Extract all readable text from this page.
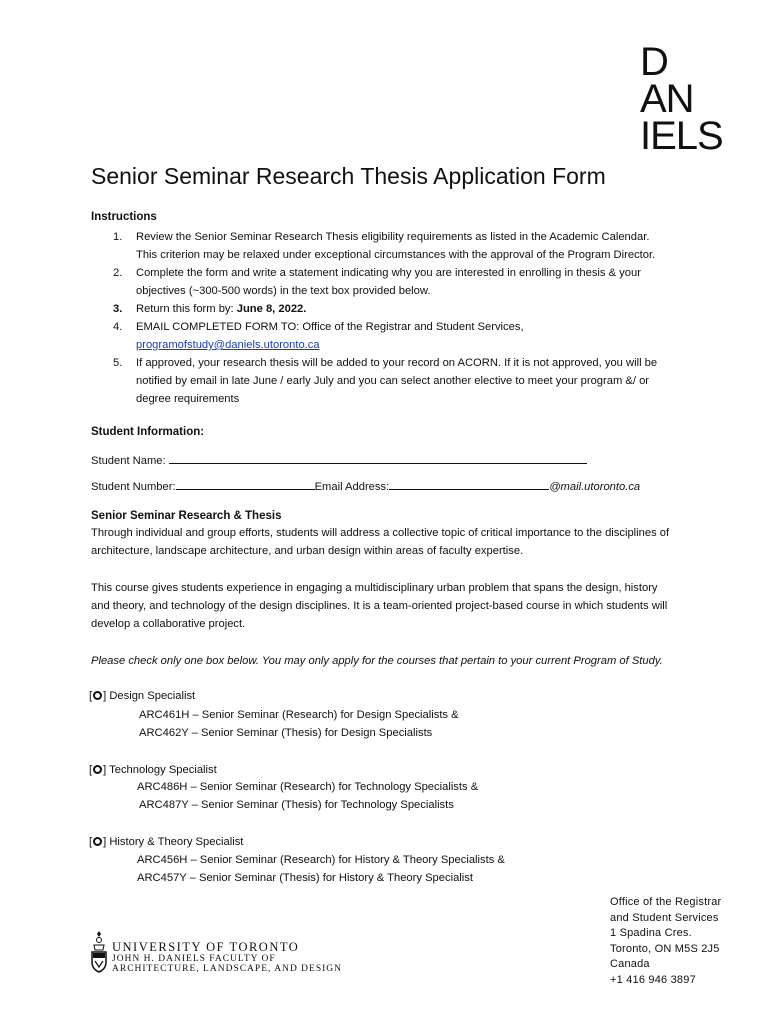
D
AN
IELS
Senior Seminar Research Thesis Application Form
Instructions
1. Review the Senior Seminar Research Thesis eligibility requirements as listed in the Academic Calendar.
This criterion may be relaxed under exceptional circumstances with the approval of the Program Director.
2. Complete the form and write a statement indicating why you are interested in enrolling in thesis & your
objectives (~300-500 words) in the text box provided below.
3. Return this form by: June 8, 2022.
4. EMAIL COMPLETED FORM TO: Office of the Registrar and Student Services,
programofstudy@daniels.utoronto.ca
5. If approved, your research thesis will be added to your record on ACORN. If it is not approved, you will be
notified by email in late June / early July and you can select another elective to meet your program &/ or
degree requirements
Student Information:
Student Name:
Student Number:	Email Address:	@mail.utoronto.ca
Senior Seminar Research & Thesis
Through individual and group efforts, students will address a collective topic of critical importance to the disciplines of
architecture, landscape architecture, and urban design within areas of faculty expertise.
This course gives students experience in engaging a multidisciplinary urban problem that spans the design, history
and theory, and technology of the design disciplines. It is a team-oriented project-based course in which students will
develop a collaborative project.
Please check only one box below. You may only apply for the courses that pertain to your current Program of Study.
[ ] Design Specialist
ARC461H – Senior Seminar (Research) for Design Specialists &
ARC462Y – Senior Seminar (Thesis) for Design Specialists
[ ] Technology Specialist
ARC486H – Senior Seminar (Research) for Technology Specialists &
ARC487Y – Senior Seminar (Thesis) for Technology Specialists
[ ] History & Theory Specialist
ARC456H – Senior Seminar (Research) for History & Theory Specialists &
ARC457Y – Senior Seminar (Thesis) for History & Theory Specialist
Office of the Registrar
and Student Services
1 Spadina Cres.
Toronto, ON M5S 2J5
Canada
+1 416 946 3897
UNIVERSITY OF TORONTO
JOHN H. DANIELS FACULTY OF
ARCHITECTURE, LANDSCAPE, AND DESIGN
